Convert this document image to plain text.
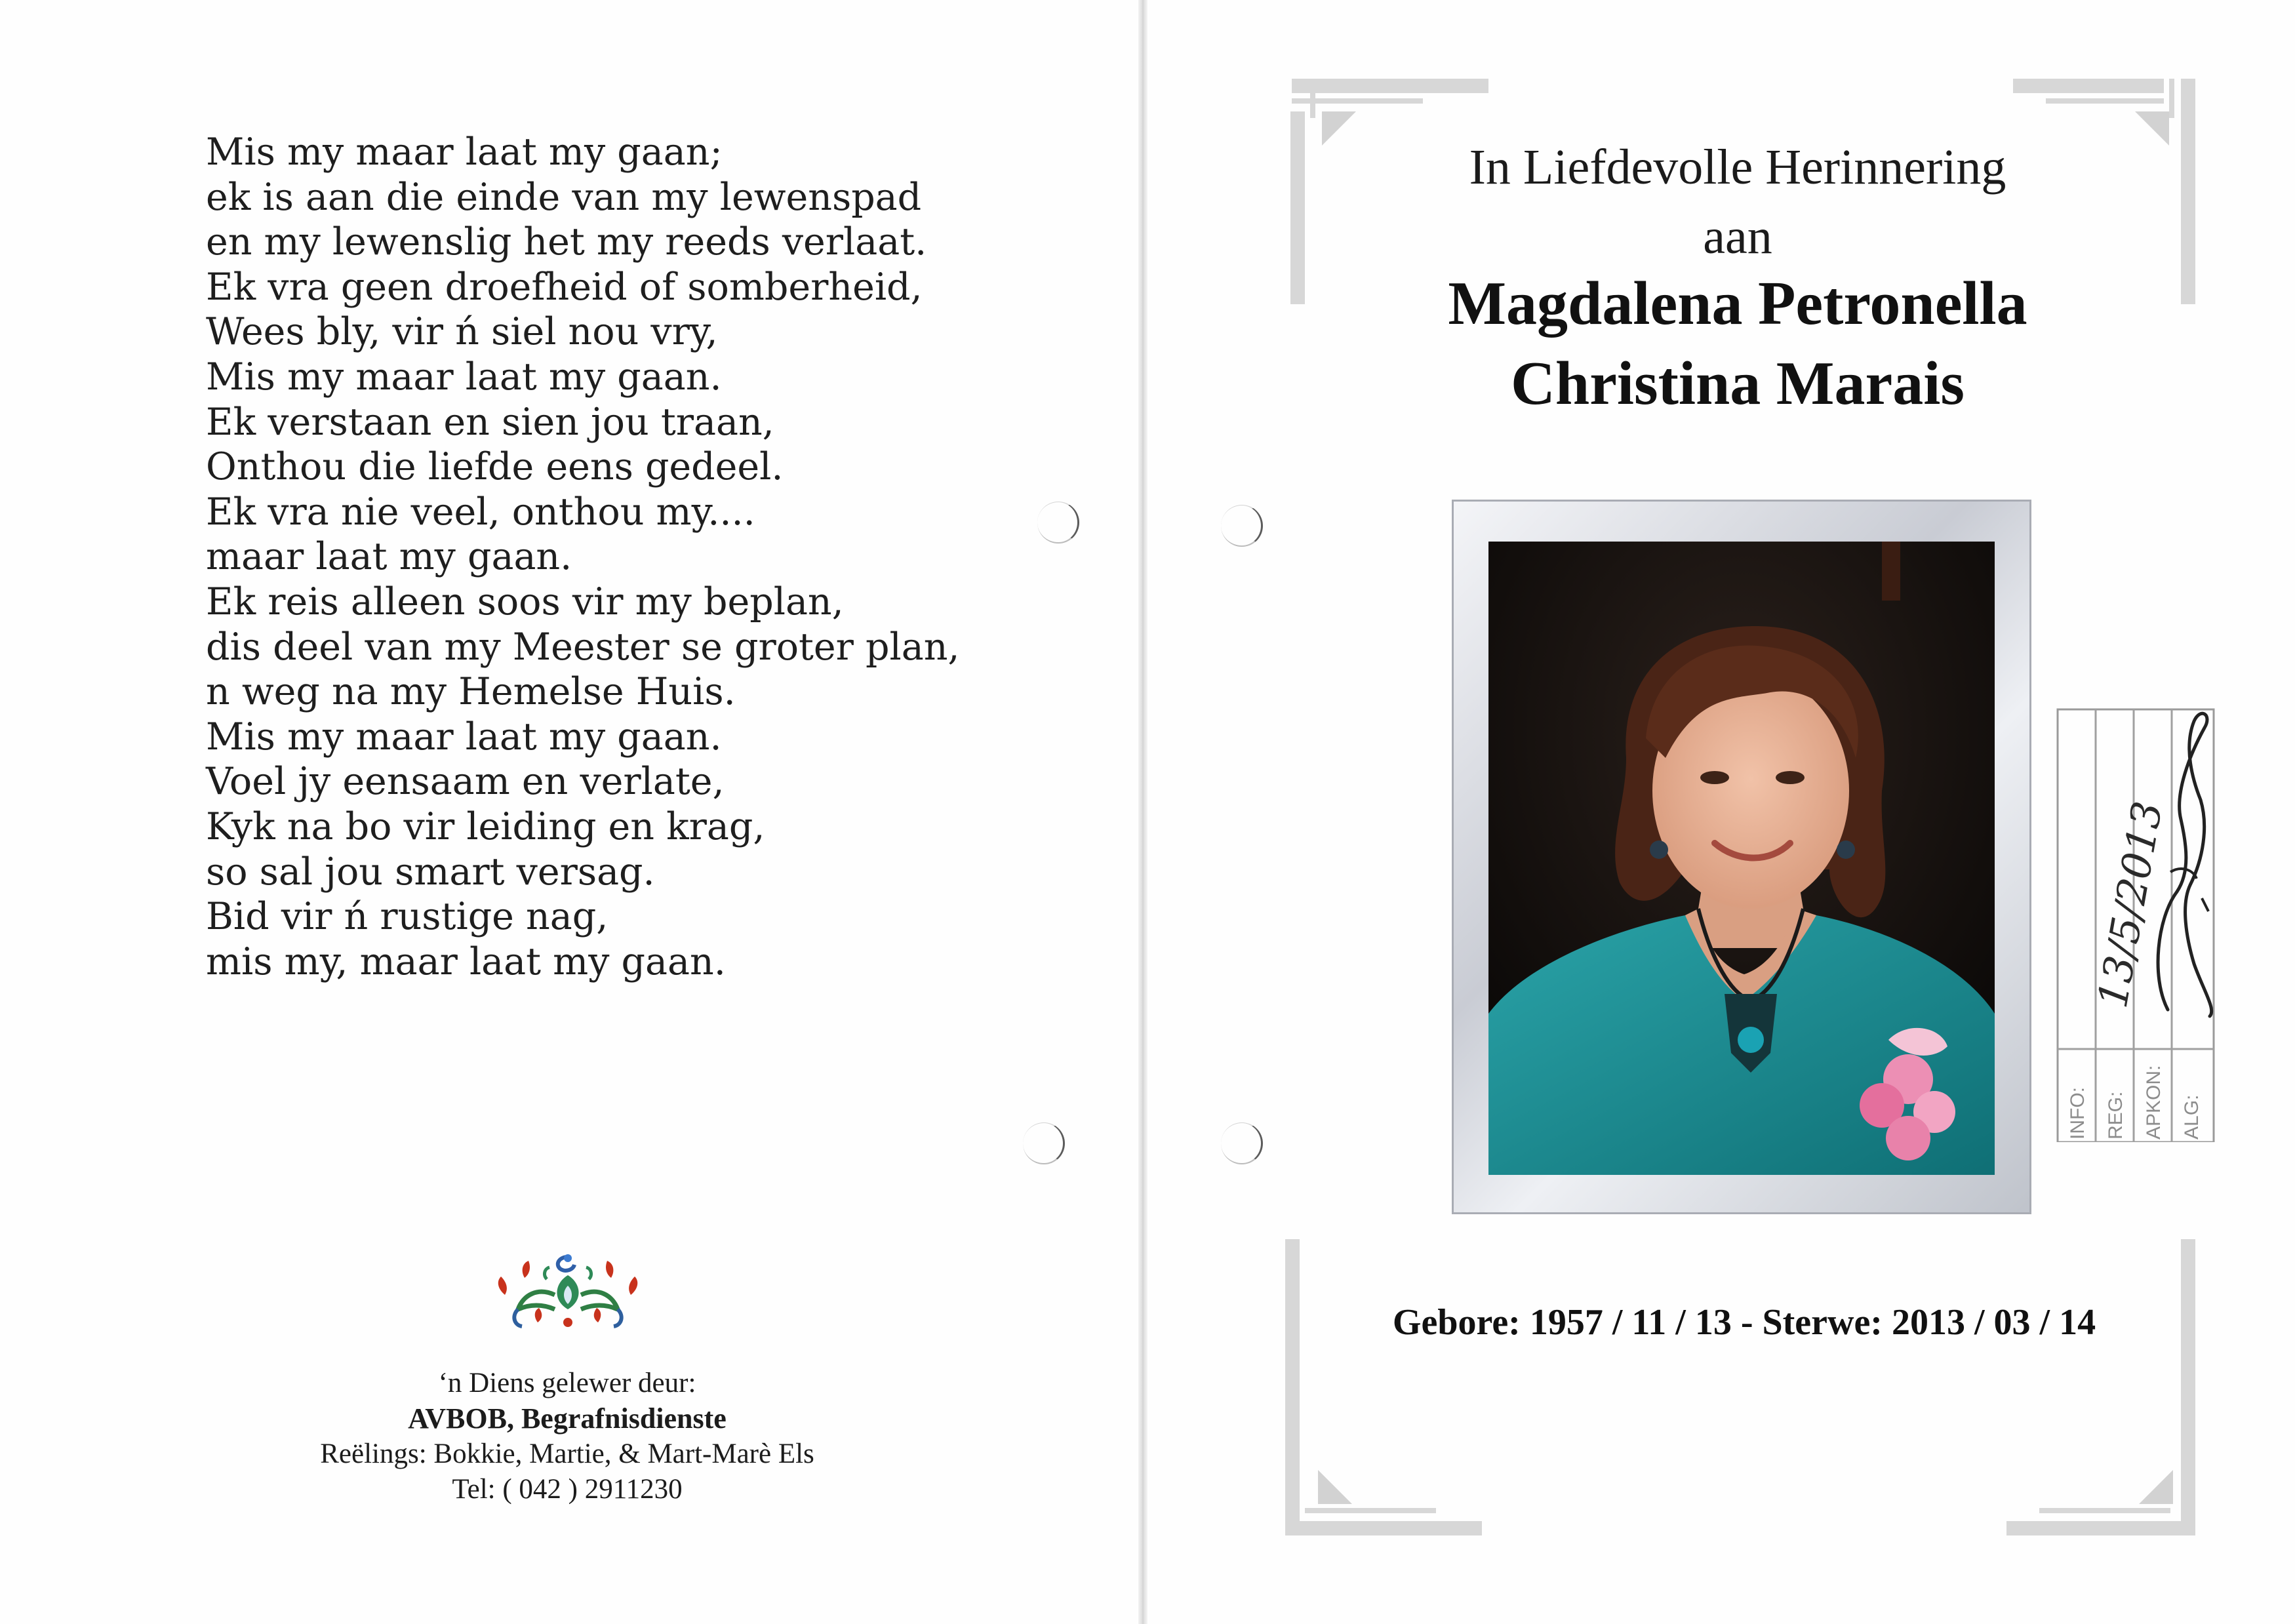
Mis my maar laat my gaan;
ek is aan die einde van my lewenspad
en my lewenslig het my reeds verlaat.
Ek vra geen droefheid of somberheid,
Wees bly, vir ń siel nou vry,
Mis my maar laat my gaan.
Ek verstaan en sien jou traan,
Onthou die liefde eens gedeel.
Ek vra nie veel, onthou my....
maar laat my gaan.
Ek reis alleen soos vir my beplan,
dis deel van my Meester se groter plan,
n weg na my Hemelse Huis.
Mis my maar laat my gaan.
Voel jy eensaam en verlate,
Kyk na bo vir leiding en krag,
so sal jou smart versag.
Bid vir ń rustige nag,
mis my, maar laat my gaan.
‘n Diens gelewer deur:
AVBOB, Begrafnisdienste
Reëlings: Bokkie, Martie, & Mart-Marè Els
Tel: ( 042 ) 2911230
In Liefdevolle Herinnering
aan
Magdalena Petronella
Christina Marais
INFO: REG: APKON: ALG:
13/5/2013
Gebore: 1957 / 11 / 13 - Sterwe: 2013 / 03 / 14
